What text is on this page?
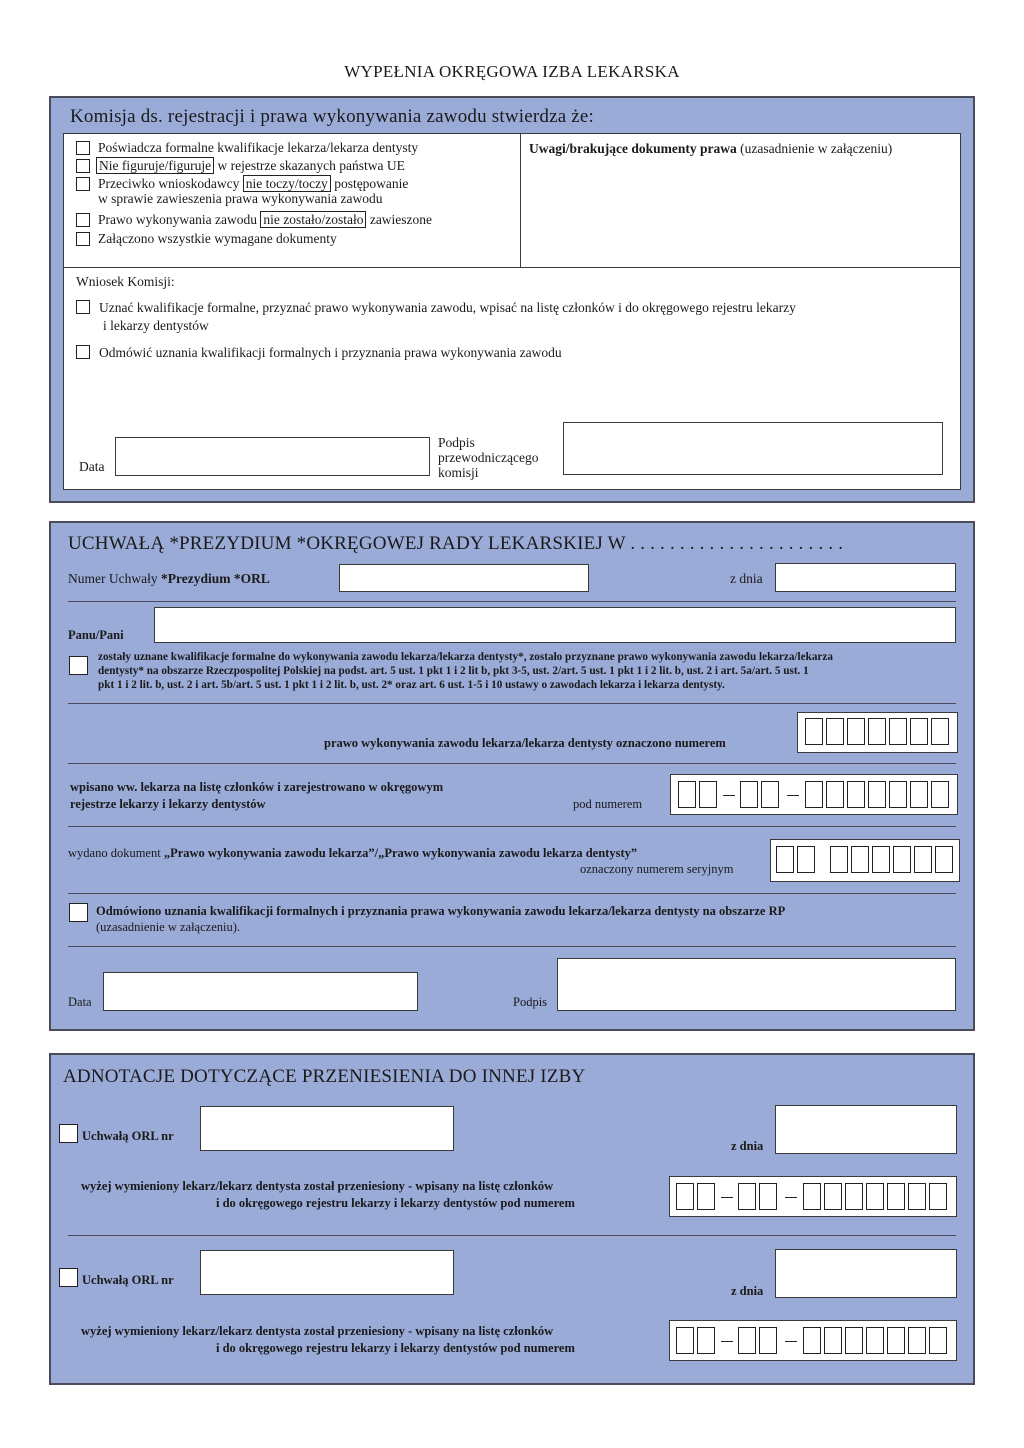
WYPEŁNIA OKRĘGOWA IZBA LEKARSKA
Komisja ds. rejestracji i prawa wykonywania zawodu stwierdza że:
Poświadcza formalne kwalifikacje lekarza/lekarza dentysty
Nie figuruje/figuruje w rejestrze skazanych państwa UE
Przeciwko wnioskodawcy nie toczy/toczy postępowanie
w sprawie zawieszenia prawa wykonywania zawodu
Prawo wykonywania zawodu nie zostało/zostało zawieszone
Załączono wszystkie wymagane dokumenty
Uwagi/brakujące dokumenty prawa (uzasadnienie w załączeniu)
Wniosek Komisji:
Uznać kwalifikacje formalne, przyznać prawo wykonywania zawodu, wpisać na listę członków i do okręgowego rejestru lekarzy
i lekarzy dentystów
Odmówić uznania kwalifikacji formalnych i przyznania prawa wykonywania zawodu
Data
Podpis
przewodniczącego
komisji
UCHWAŁĄ *PREZYDIUM *OKRĘGOWEJ RADY LEKARSKIEJ W . . . . . . . . . . . . . . . . . . . . . .
Numer Uchwały *Prezydium *ORL	z dnia
Panu/Pani
zostały uznane kwalifikacje formalne do wykonywania zawodu lekarza/lekarza dentysty*, zostało przyznane prawo wykonywania zawodu lekarza/lekarza
dentysty* na obszarze Rzeczpospolitej Polskiej na podst. art. 5 ust. 1 pkt 1 i 2 lit b, pkt 3-5, ust. 2/art. 5 ust. 1 pkt 1 i 2 lit. b, ust. 2 i art. 5a/art. 5 ust. 1
pkt 1 i 2 lit. b, ust. 2 i art. 5b/art. 5 ust. 1 pkt 1 i 2 lit. b, ust. 2* oraz art. 6 ust. 1-5 i 10 ustawy o zawodach lekarza i lekarza dentysty.
prawo wykonywania zawodu lekarza/lekarza dentysty oznaczono numerem
wpisano ww. lekarza na listę członków i zarejestrowano w okręgowym
rejestrze lekarzy i lekarzy dentystów	pod numerem
wydano dokument „Prawo wykonywania zawodu lekarza”/„Prawo wykonywania zawodu lekarza dentysty”
oznaczony numerem seryjnym
Odmówiono uznania kwalifikacji formalnych i przyznania prawa wykonywania zawodu lekarza/lekarza dentysty na obszarze RP
(uzasadnienie w załączeniu).
Data	Podpis
ADNOTACJE DOTYCZĄCE PRZENIESIENIA DO INNEJ IZBY
Uchwałą ORL nr
z dnia
wyżej wymieniony lekarz/lekarz dentysta został przeniesiony - wpisany na listę członków
i do okręgowego rejestru lekarzy i lekarzy dentystów pod numerem
Uchwałą ORL nr
z dnia
wyżej wymieniony lekarz/lekarz dentysta został przeniesiony - wpisany na listę członków
i do okręgowego rejestru lekarzy i lekarzy dentystów pod numerem
